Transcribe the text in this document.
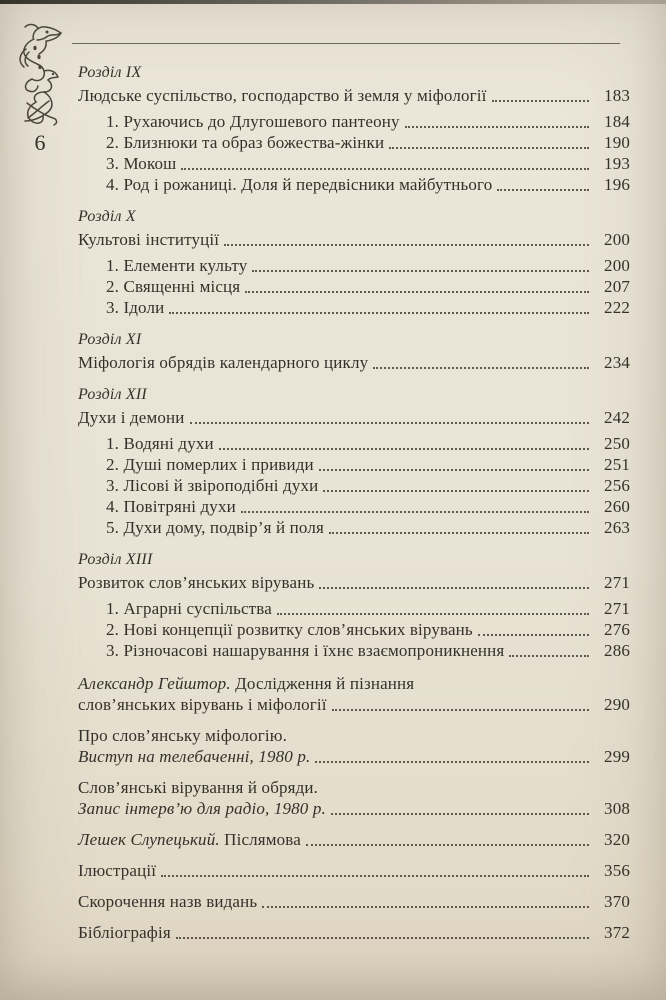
6
Розділ IX
Людське суспільство, господарство й земля у міфології	183
1. Рухаючись до Длугошевого пантеону	184
2. Близнюки та образ божества-жінки	190
3. Мокош	193
4. Род і рожаниці. Доля й передвісники майбутнього	196
Розділ X
Культові інституції	200
1. Елементи культу	200
2. Священні місця	207
3. Ідоли	222
Розділ XI
Міфологія обрядів календарного циклу	234
Розділ XII
Духи і демони	242
1. Водяні духи	250
2. Душі померлих і привиди	251
3. Лісові й звіроподібні духи	256
4. Повітряні духи	260
5. Духи дому, подвір’я й поля	263
Розділ XIII
Розвиток слов’янських вірувань	271
1. Аграрні суспільства	271
2. Нові концепції розвитку слов’янських вірувань	276
3. Різночасові нашарування і їхнє взаємопроникнення	286
Александр Гейштор. Дослідження й пізнання
слов’янських вірувань і міфології	290
Про слов’янську міфологію.
Виступ на телебаченні, 1980 р.	299
Слов’янські вірування й обряди.
Запис інтерв’ю для радіо, 1980 р.	308
Лешек Слупецький. Післямова	320
Ілюстрації	356
Скорочення назв видань	370
Бібліографія	372
